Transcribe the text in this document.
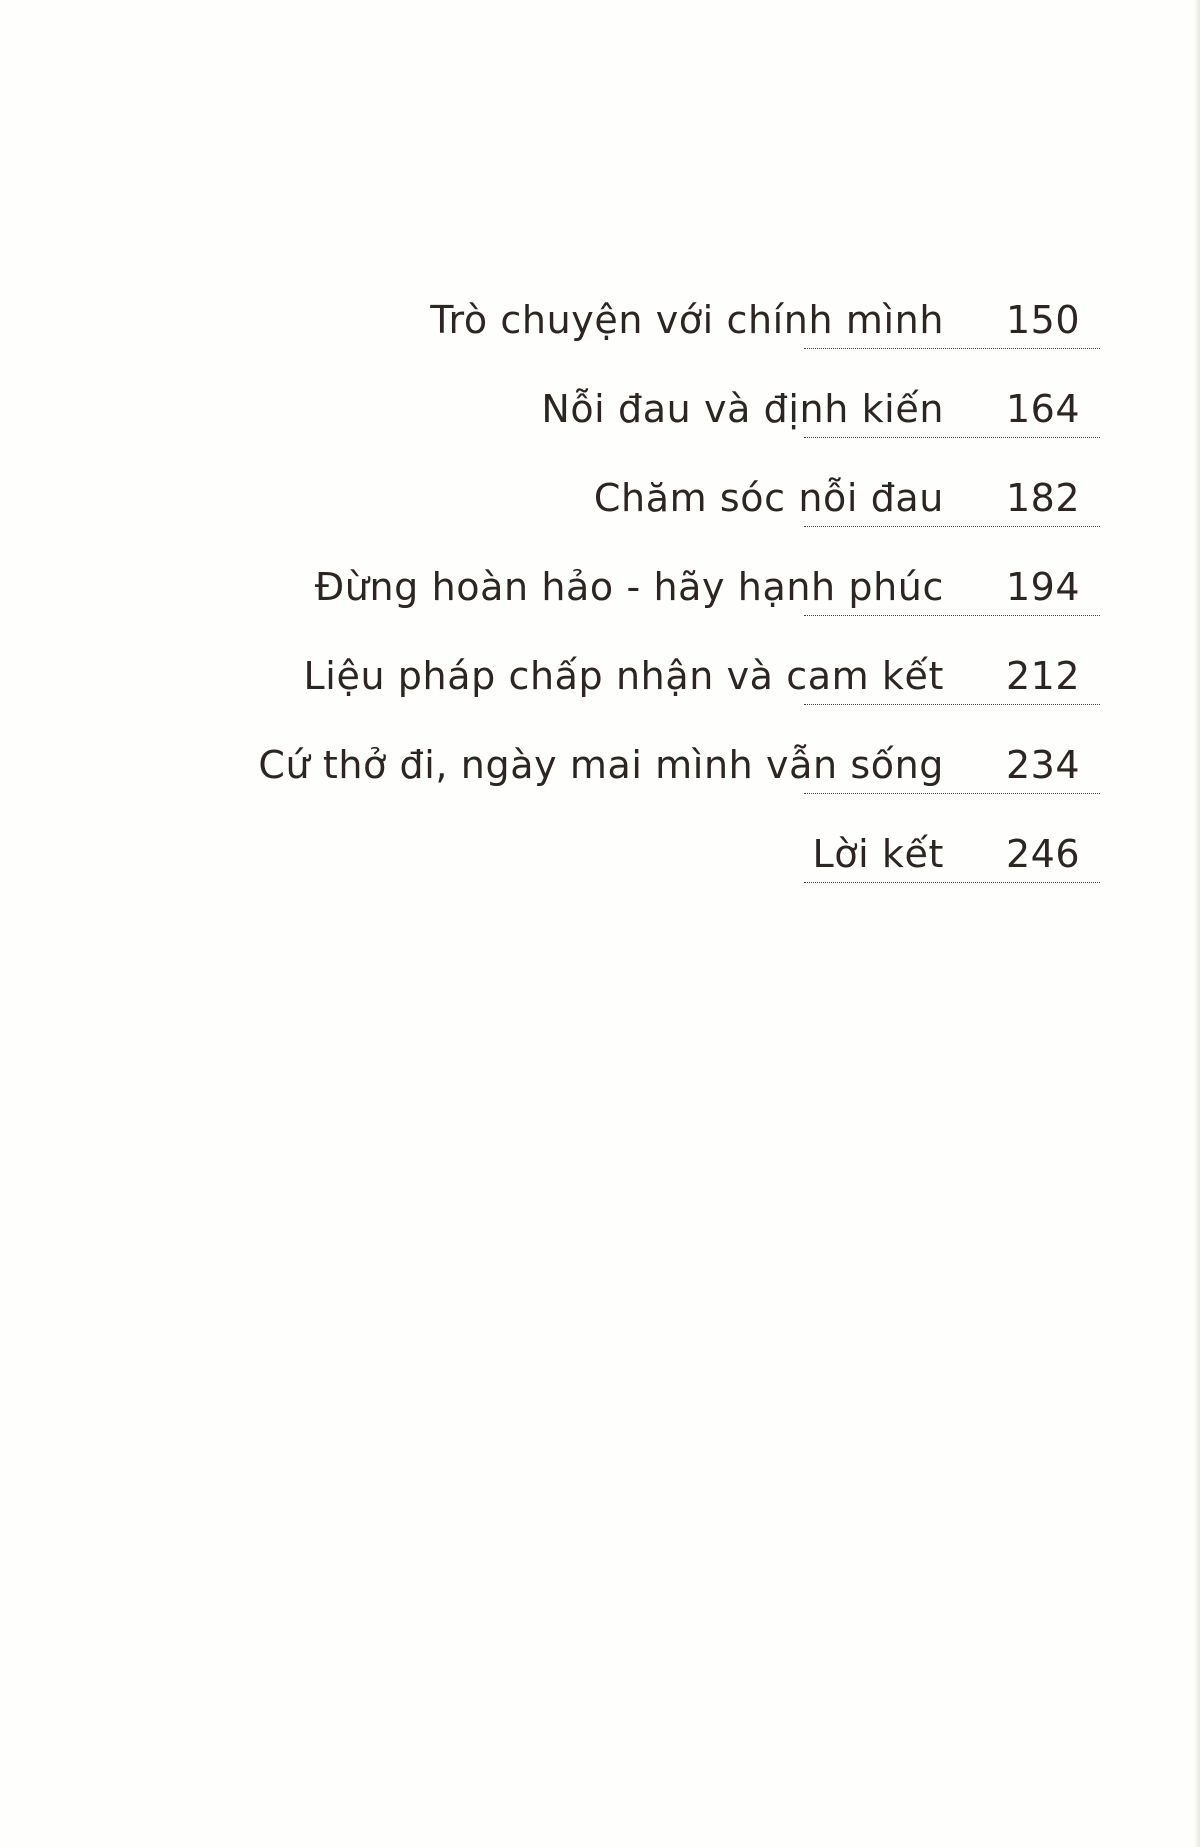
Trò chuyện với chính mình 150
Nỗi đau và định kiến 164
Chăm sóc nỗi đau 182
Đừng hoàn hảo - hãy hạnh phúc 194
Liệu pháp chấp nhận và cam kết 212
Cứ thở đi, ngày mai mình vẫn sống 234
Lời kết 246
